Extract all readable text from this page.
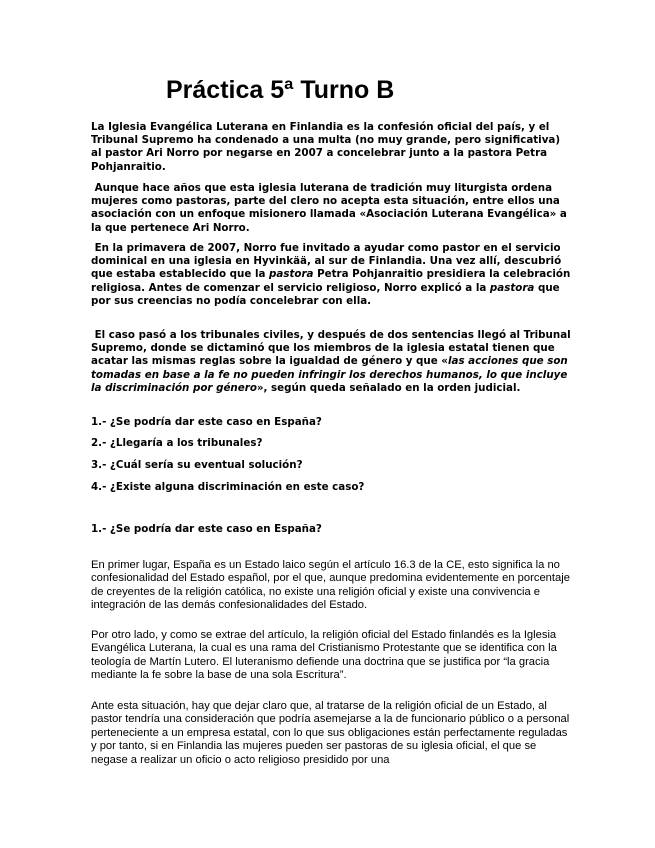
Práctica 5ª Turno B

La Iglesia Evangélica Luterana en Finlandia es la confesión oficial del país, y el Tribunal Supremo ha condenado a una multa (no muy grande, pero significativa) al pastor Ari Norro por negarse en 2007 a concelebrar junto a la pastora Petra Pohjanraitio.

Aunque hace años que esta iglesia luterana de tradición muy liturgista ordena mujeres como pastoras, parte del clero no acepta esta situación, entre ellos una asociación con un enfoque misionero llamada «Asociación Luterana Evangélica» a la que pertenece Ari Norro.

En la primavera de 2007, Norro fue invitado a ayudar como pastor en el servicio dominical en una iglesia en Hyvinkää, al sur de Finlandia. Una vez allí, descubrió que estaba establecido que la pastora Petra Pohjanraitio presidiera la celebración religiosa. Antes de comenzar el servicio religioso, Norro explicó a la pastora que por sus creencias no podía concelebrar con ella.

El caso pasó a los tribunales civiles, y después de dos sentencias llegó al Tribunal Supremo, donde se dictaminó que los miembros de la iglesia estatal tienen que acatar las mismas reglas sobre la igualdad de género y que «las acciones que son tomadas en base a la fe no pueden infringir los derechos humanos, lo que incluye la discriminación por género», según queda señalado en la orden judicial.

1.- ¿Se podría dar este caso en España?

2.- ¿Llegaría a los tribunales?

3.- ¿Cuál sería su eventual solución?

4.- ¿Existe alguna discriminación en este caso?

1.- ¿Se podría dar este caso en España?

En primer lugar, España es un Estado laico según el artículo 16.3 de la CE, esto significa la no confesionalidad del Estado español, por el que, aunque predomina evidentemente en porcentaje de creyentes de la religión católica, no existe una religión oficial y existe una convivencia e integración de las demás confesionalidades del Estado.

Por otro lado, y como se extrae del artículo, la religión oficial del Estado finlandés es la Iglesia Evangélica Luterana, la cual es una rama del Cristianismo Protestante que se identifica con la teología de Martín Lutero. El luteranismo defiende una doctrina que se justifica por “la gracia mediante la fe sobre la base de una sola Escritura”.

Ante esta situación, hay que dejar claro que, al tratarse de la religión oficial de un Estado, al pastor tendría una consideración que podría asemejarse a la de funcionario público o a personal perteneciente a un empresa estatal, con lo que sus obligaciones están perfectamente reguladas y por tanto, si en Finlandia las mujeres pueden ser pastoras de su iglesia oficial, el que se negase a realizar un oficio o acto religioso presidido por una
